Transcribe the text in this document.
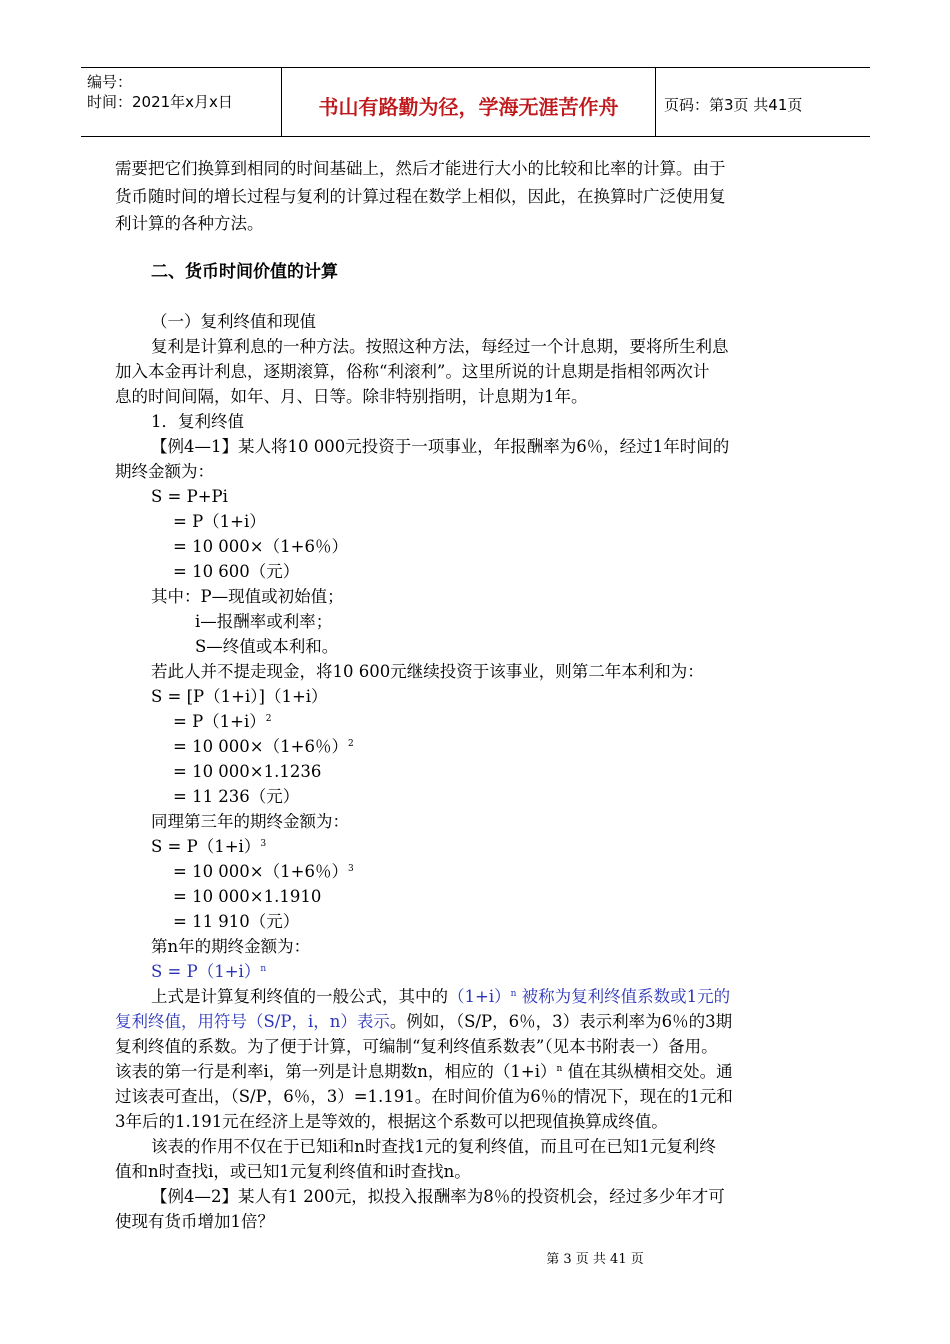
编号：
时间：2021年x月x日	书山有路勤为径，学海无涯苦作舟	页码：第3页 共41页
需要把它们换算到相同的时间基础上，然后才能进行大小的比较和比率的计算。由于
货币随时间的增长过程与复利的计算过程在数学上相似，因此，在换算时广泛使用复
利计算的各种方法。
二、货币时间价值的计算
（一）复利终值和现值
复利是计算利息的一种方法。按照这种方法，每经过一个计息期，要将所生利息
加入本金再计利息，逐期滚算，俗称“利滚利”。这里所说的计息期是指相邻两次计
息的时间间隔，如年、月、日等。除非特别指明，计息期为1年。
1．复利终值
【例4—1】某人将10 000元投资于一项事业，年报酬率为6％，经过1年时间的
期终金额为：
S = P+Pi
= P（1+i）
= 10 000×（1+6％）
= 10 600（元）
其中：P—现值或初始值；
i—报酬率或利率；
S—终值或本利和。
若此人并不提走现金，将10 600元继续投资于该事业，则第二年本利和为：
S = [P（1+i）]（1+i）
= $P(1+i)^2$
= 10 000×（1+6％）$^2$
= 10 000×1.1236
= 11 236（元）
同理第三年的期终金额为：
$S = P(1+i)^3$
= 10 000×（1+6％）$^3$
= 10 000×1.1910
= 11 910（元）
第n年的期终金额为：
$S = P(1+i)^n$
上式是计算复利终值的一般公式，其中的$(1+i)^n$ 被称为复利终值系数或1元的
复利终值，用符号（S/P，i，n）表示。例如，（S/P，6％，3）表示利率为6％的3期
复利终值的系数。为了便于计算，可编制“复利终值系数表”（见本书附表一）备用。
该表的第一行是利率i，第一列是计息期数n，相应的$(1+i)^n$ 值在其纵横相交处。通
过该表可查出，（S/P，6％，3）=1.191。在时间价值为6％的情况下，现在的1元和
3年后的1.191元在经济上是等效的，根据这个系数可以把现值换算成终值。
该表的作用不仅在于已知i和n时查找1元的复利终值，而且可在已知1元复利终
值和n时查找i，或已知1元复利终值和i时查找n。
【例4—2】某人有1 200元，拟投入报酬率为8％的投资机会，经过多少年才可
使现有货币增加1倍？
第 3 页 共 41 页
